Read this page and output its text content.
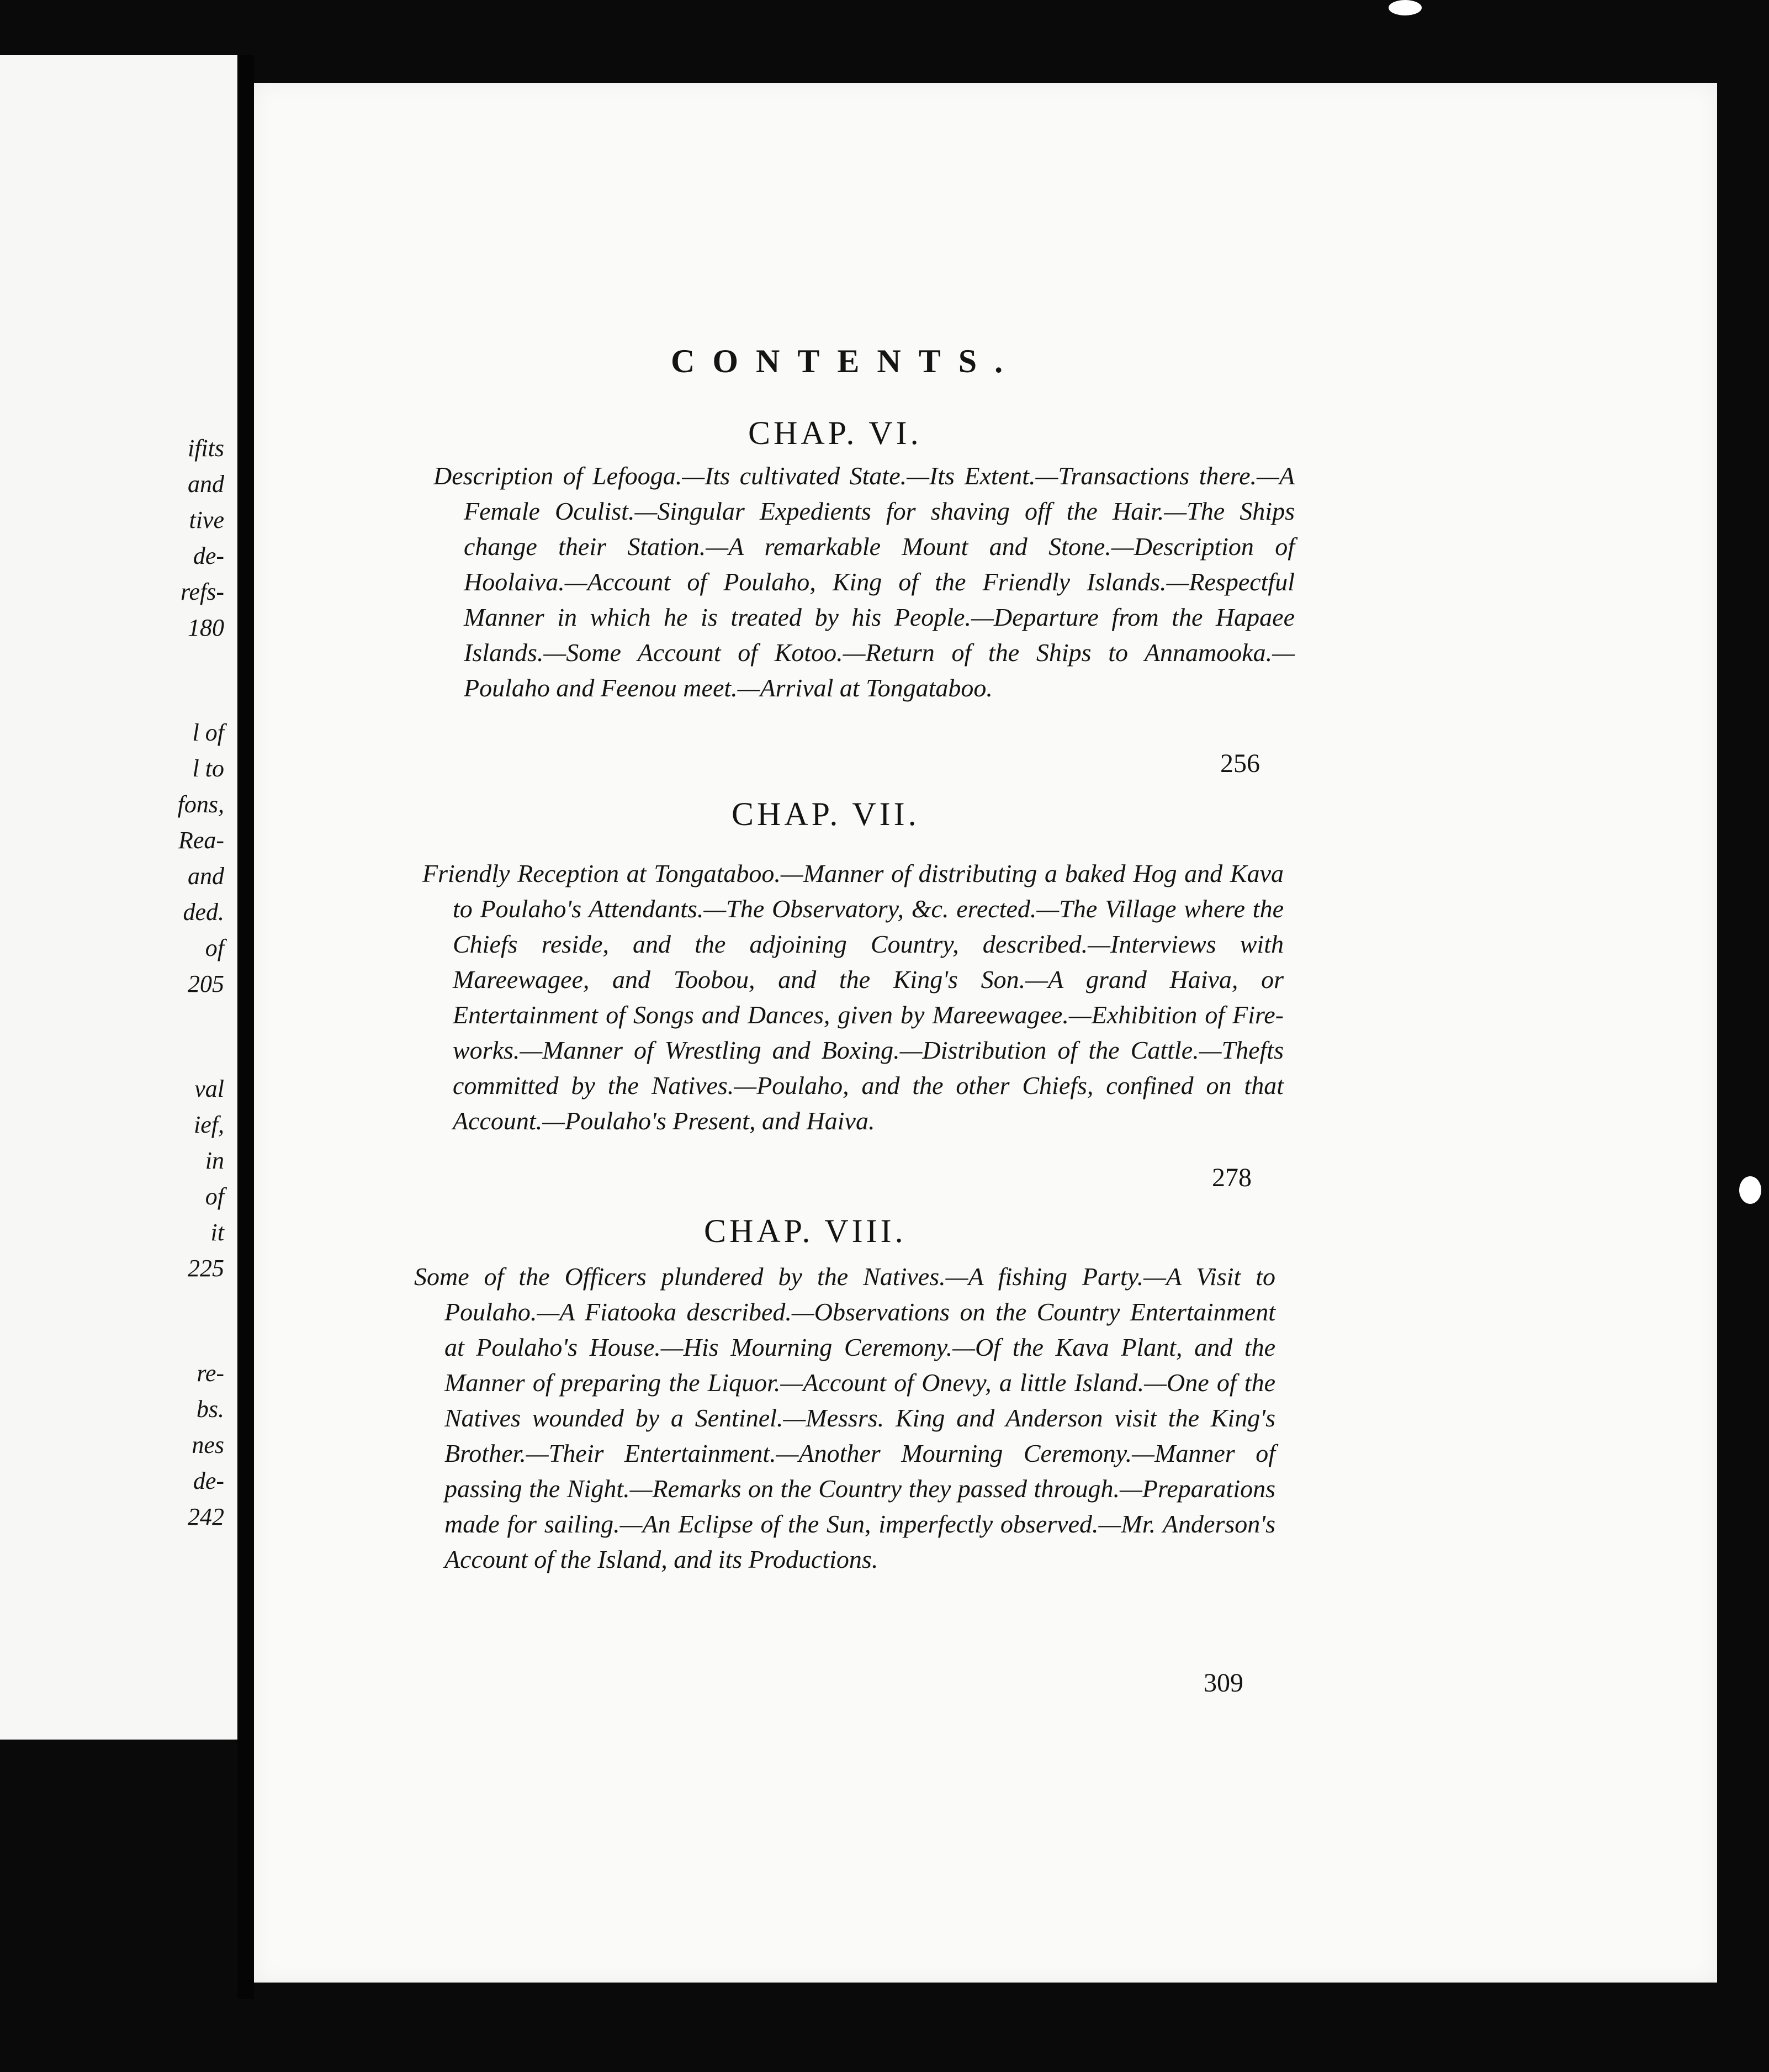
ifits
and
tive
de-
refs-
180
l of
l to
fons,
Rea-
and
ded.
of
205
val
ief,
in
of
it
225
re-
bs.
nes
de-
242
CONTENTS.
CHAP. VI.
Description of Lefooga.—Its cultivated State.—Its Extent.—Transactions there.—A Female Oculist.—Singular Expedients for shaving off the Hair.—The Ships change their Station.—A remarkable Mount and Stone.—Description of Hoolaiva.—Account of Poulaho, King of the Friendly Islands.—Respectful Manner in which he is treated by his People.—Departure from the Hapaee Islands.—Some Account of Kotoo.—Return of the Ships to Annamooka.—Poulaho and Feenou meet.—Arrival at Tongataboo.
256
CHAP. VII.
Friendly Reception at Tongataboo.—Manner of distributing a baked Hog and Kava to Poulaho's Attendants.—The Observatory, &c. erected.—The Village where the Chiefs reside, and the adjoining Country, described.—Interviews with Mareewagee, and Toobou, and the King's Son.—A grand Haiva, or Entertainment of Songs and Dances, given by Mareewagee.—Exhibition of Fire-works.—Manner of Wrestling and Boxing.—Distribution of the Cattle.—Thefts committed by the Natives.—Poulaho, and the other Chiefs, confined on that Account.—Poulaho's Present, and Haiva.
278
CHAP. VIII.
Some of the Officers plundered by the Natives.—A fishing Party.—A Visit to Poulaho.—A Fiatooka described.—Observations on the Country Entertainment at Poulaho's House.—His Mourning Ceremony.—Of the Kava Plant, and the Manner of preparing the Liquor.—Account of Onevy, a little Island.—One of the Natives wounded by a Sentinel.—Messrs. King and Anderson visit the King's Brother.—Their Entertainment.—Another Mourning Ceremony.—Manner of passing the Night.—Remarks on the Country they passed through.—Preparations made for sailing.—An Eclipse of the Sun, imperfectly observed.—Mr. Anderson's Account of the Island, and its Productions.
309
